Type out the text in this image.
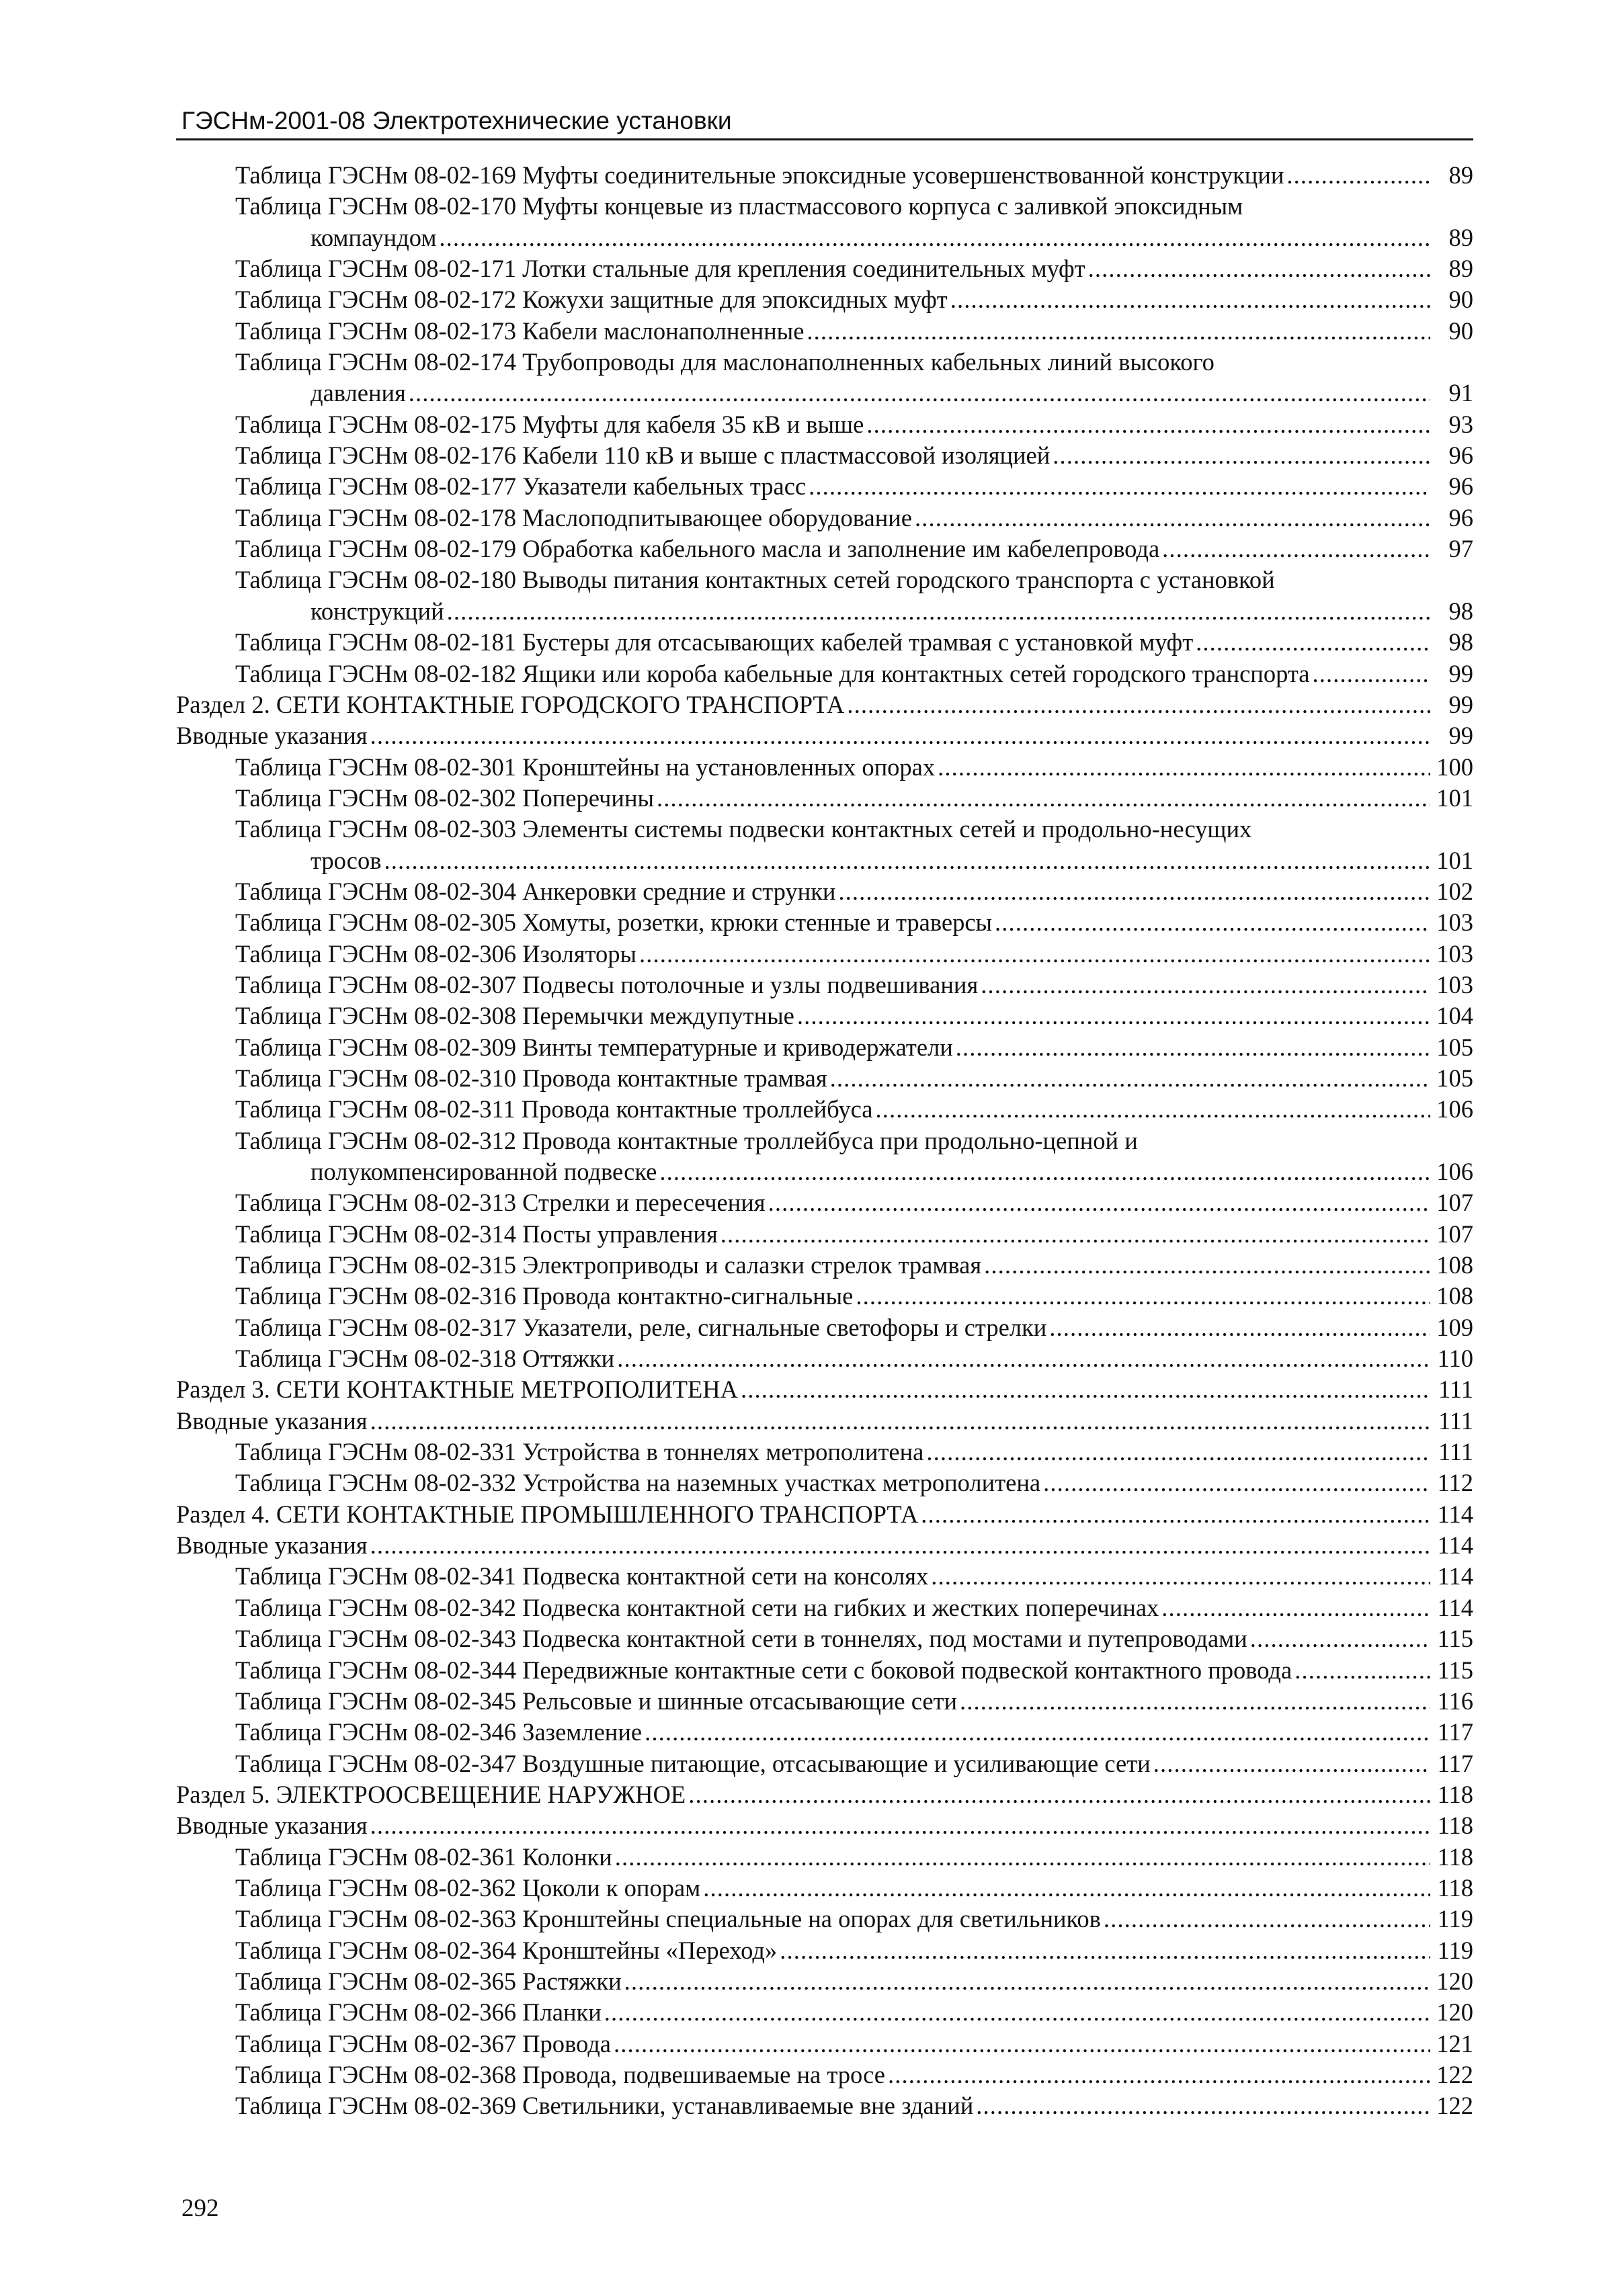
ГЭСНм-2001-08 Электротехнические установки
Таблица ГЭСНм 08-02-169 Муфты соединительные эпоксидные усовершенствованной конструкции . . .	89
Таблица ГЭСНм 08-02-170 Муфты концевые из пластмассового корпуса с заливкой эпоксидным
компаундом . . .	89
Таблица ГЭСНм 08-02-171 Лотки стальные для крепления соединительных муфт . . .	89
Таблица ГЭСНм 08-02-172 Кожухи защитные для эпоксидных муфт . . .	90
Таблица ГЭСНм 08-02-173 Кабели маслонаполненные . . .	90
Таблица ГЭСНм 08-02-174 Трубопроводы для маслонаполненных кабельных линий высокого
давления . . .	91
Таблица ГЭСНм 08-02-175 Муфты для кабеля 35 кВ и выше . . .	93
Таблица ГЭСНм 08-02-176 Кабели 110 кВ и выше с пластмассовой изоляцией . . .	96
Таблица ГЭСНм 08-02-177 Указатели кабельных трасс . . .	96
Таблица ГЭСНм 08-02-178 Маслоподпитывающее оборудование . . .	96
Таблица ГЭСНм 08-02-179 Обработка кабельного масла и заполнение им кабелепровода . . .	97
Таблица ГЭСНм 08-02-180 Выводы питания контактных сетей городского транспорта с установкой
конструкций . . .	98
Таблица ГЭСНм 08-02-181 Бустеры для отсасывающих кабелей трамвая с установкой муфт . . .	98
Таблица ГЭСНм 08-02-182 Ящики или короба кабельные для контактных сетей городского транспорта . . .	99
Раздел 2. СЕТИ КОНТАКТНЫЕ ГОРОДСКОГО ТРАНСПОРТА . . .	99
Вводные указания . . .	99
Таблица ГЭСНм 08-02-301 Кронштейны на установленных опорах . . .	100
Таблица ГЭСНм 08-02-302 Поперечины . . .	101
Таблица ГЭСНм 08-02-303 Элементы системы подвески контактных сетей и продольно-несущих
тросов . . .	101
Таблица ГЭСНм 08-02-304 Анкеровки средние и струнки . . .	102
Таблица ГЭСНм 08-02-305 Хомуты, розетки, крюки стенные и траверсы . . .	103
Таблица ГЭСНм 08-02-306 Изоляторы . . .	103
Таблица ГЭСНм 08-02-307 Подвесы потолочные и узлы подвешивания . . .	103
Таблица ГЭСНм 08-02-308 Перемычки междупутные . . .	104
Таблица ГЭСНм 08-02-309 Винты температурные и криводержатели . . .	105
Таблица ГЭСНм 08-02-310 Провода контактные трамвая . . .	105
Таблица ГЭСНм 08-02-311 Провода контактные троллейбуса . . .	106
Таблица ГЭСНм 08-02-312 Провода контактные троллейбуса при продольно-цепной и
полукомпенсированной подвеске . . .	106
Таблица ГЭСНм 08-02-313 Стрелки и пересечения . . .	107
Таблица ГЭСНм 08-02-314 Посты управления . . .	107
Таблица ГЭСНм 08-02-315 Электроприводы и салазки стрелок трамвая . . .	108
Таблица ГЭСНм 08-02-316 Провода контактно-сигнальные . . .	108
Таблица ГЭСНм 08-02-317 Указатели, реле, сигнальные светофоры и стрелки . . .	109
Таблица ГЭСНм 08-02-318 Оттяжки . . .	110
Раздел 3. СЕТИ КОНТАКТНЫЕ МЕТРОПОЛИТЕНА . . .	111
Вводные указания . . .	111
Таблица ГЭСНм 08-02-331 Устройства в тоннелях метрополитена . . .	111
Таблица ГЭСНм 08-02-332 Устройства на наземных участках метрополитена . . .	112
Раздел 4. СЕТИ КОНТАКТНЫЕ ПРОМЫШЛЕННОГО ТРАНСПОРТА . . .	114
Вводные указания . . .	114
Таблица ГЭСНм 08-02-341 Подвеска контактной сети на консолях . . .	114
Таблица ГЭСНм 08-02-342 Подвеска контактной сети на гибких и жестких поперечинах . . .	114
Таблица ГЭСНм 08-02-343 Подвеска контактной сети в тоннелях, под мостами и путепроводами . . .	115
Таблица ГЭСНм 08-02-344 Передвижные контактные сети с боковой подвеской контактного провода . . .	115
Таблица ГЭСНм 08-02-345 Рельсовые и шинные отсасывающие сети . . .	116
Таблица ГЭСНм 08-02-346 Заземление . . .	117
Таблица ГЭСНм 08-02-347 Воздушные питающие, отсасывающие и усиливающие сети . . .	117
Раздел 5. ЭЛЕКТРООСВЕЩЕНИЕ НАРУЖНОЕ . . .	118
Вводные указания . . .	118
Таблица ГЭСНм 08-02-361 Колонки . . .	118
Таблица ГЭСНм 08-02-362 Цоколи к опорам . . .	118
Таблица ГЭСНм 08-02-363 Кронштейны специальные на опорах для светильников . . .	119
Таблица ГЭСНм 08-02-364 Кронштейны «Переход» . . .	119
Таблица ГЭСНм 08-02-365 Растяжки . . .	120
Таблица ГЭСНм 08-02-366 Планки . . .	120
Таблица ГЭСНм 08-02-367 Провода . . .	121
Таблица ГЭСНм 08-02-368 Провода, подвешиваемые на тросе . . .	122
Таблица ГЭСНм 08-02-369 Светильники, устанавливаемые вне зданий . . .	122
292
